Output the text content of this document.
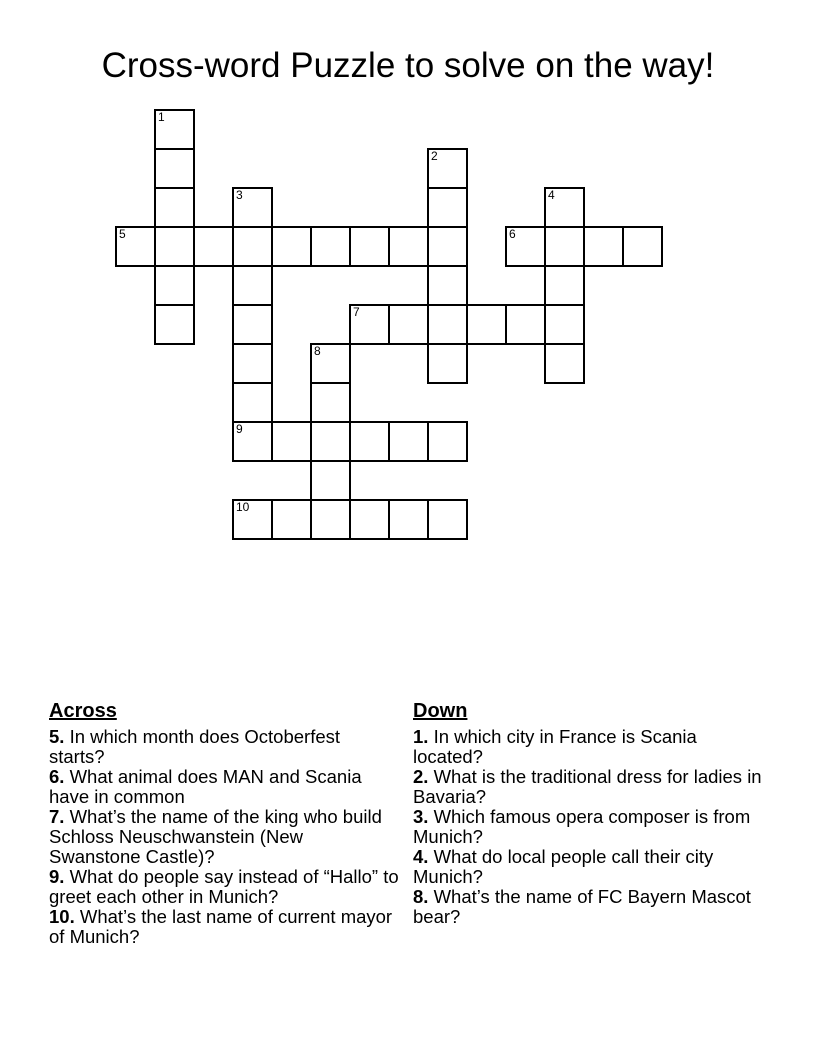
Cross-word Puzzle to solve on the way!
1
2
3	4
5	6
7
8
9
10
Across

5. In which month does Octoberfest starts?

6. What animal does MAN and Scania have in common

7. What’s the name of the king who build Schloss Neuschwanstein (New Swanstone Castle)?

9. What do people say instead of “Hallo” to greet each other in Munich?

10. What’s the last name of current mayor of Munich?

Down

1. In which city in France is Scania located?

2. What is the traditional dress for ladies in Bavaria?

3. Which famous opera composer is from Munich?

4. What do local people call their city Munich?

8. What’s the name of FC Bayern Mascot bear?
